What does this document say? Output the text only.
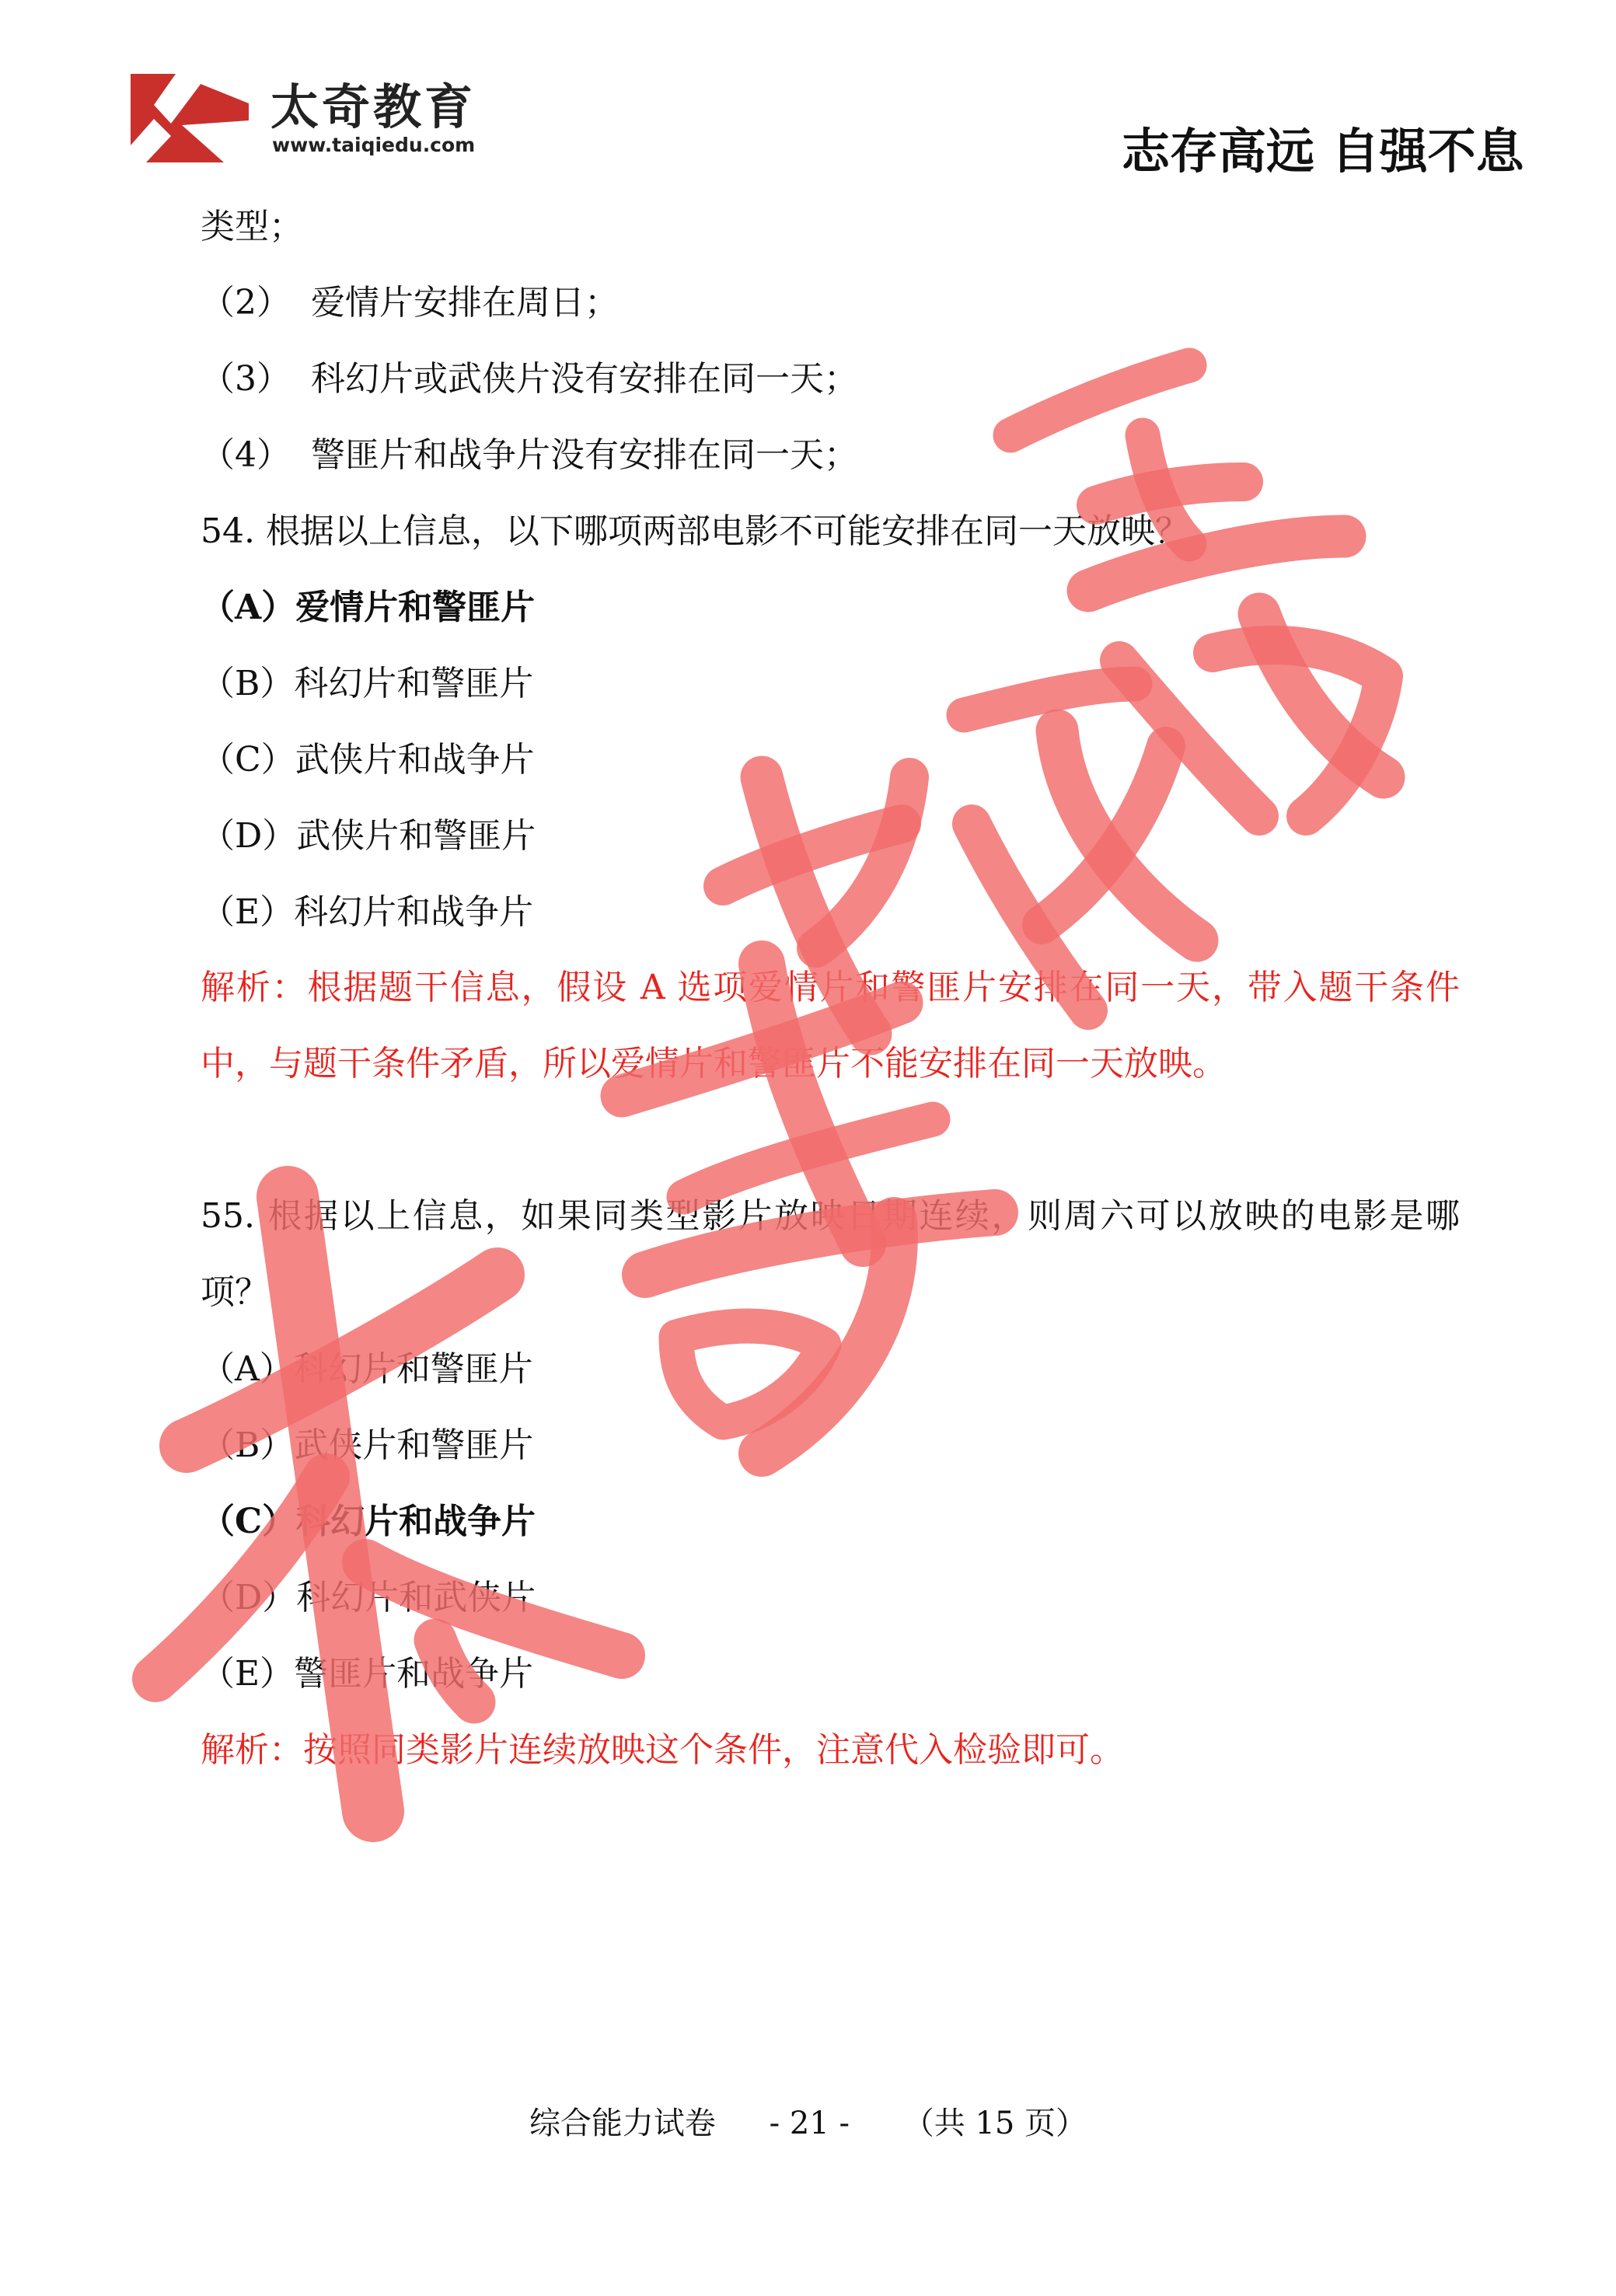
太奇教育
www.taiqiedu.com	志存高远 自强不息
类型；
（2） 爱情片安排在周日；
（3） 科幻片或武侠片没有安排在同一天；
（4） 警匪片和战争片没有安排在同一天；
54. 根据以上信息，以下哪项两部电影不可能安排在同一天放映？
（A）爱情片和警匪片
（B）科幻片和警匪片
（C）武侠片和战争片
（D）武侠片和警匪片
（E）科幻片和战争片
解析：根据题干信息，假设 A 选项爱情片和警匪片安排在同一天，带入题干条件中，与题干条件矛盾，所以爱情片和警匪片不能安排在同一天放映。
55. 根据以上信息，如果同类型影片放映日期连续，则周六可以放映的电影是哪项？
（A）科幻片和警匪片
（B）武侠片和警匪片
（C）科幻片和战争片
（D）科幻片和武侠片
（E）警匪片和战争片
解析：按照同类影片连续放映这个条件，注意代入检验即可。
综合能力试卷 - 21 - （共 15 页）
